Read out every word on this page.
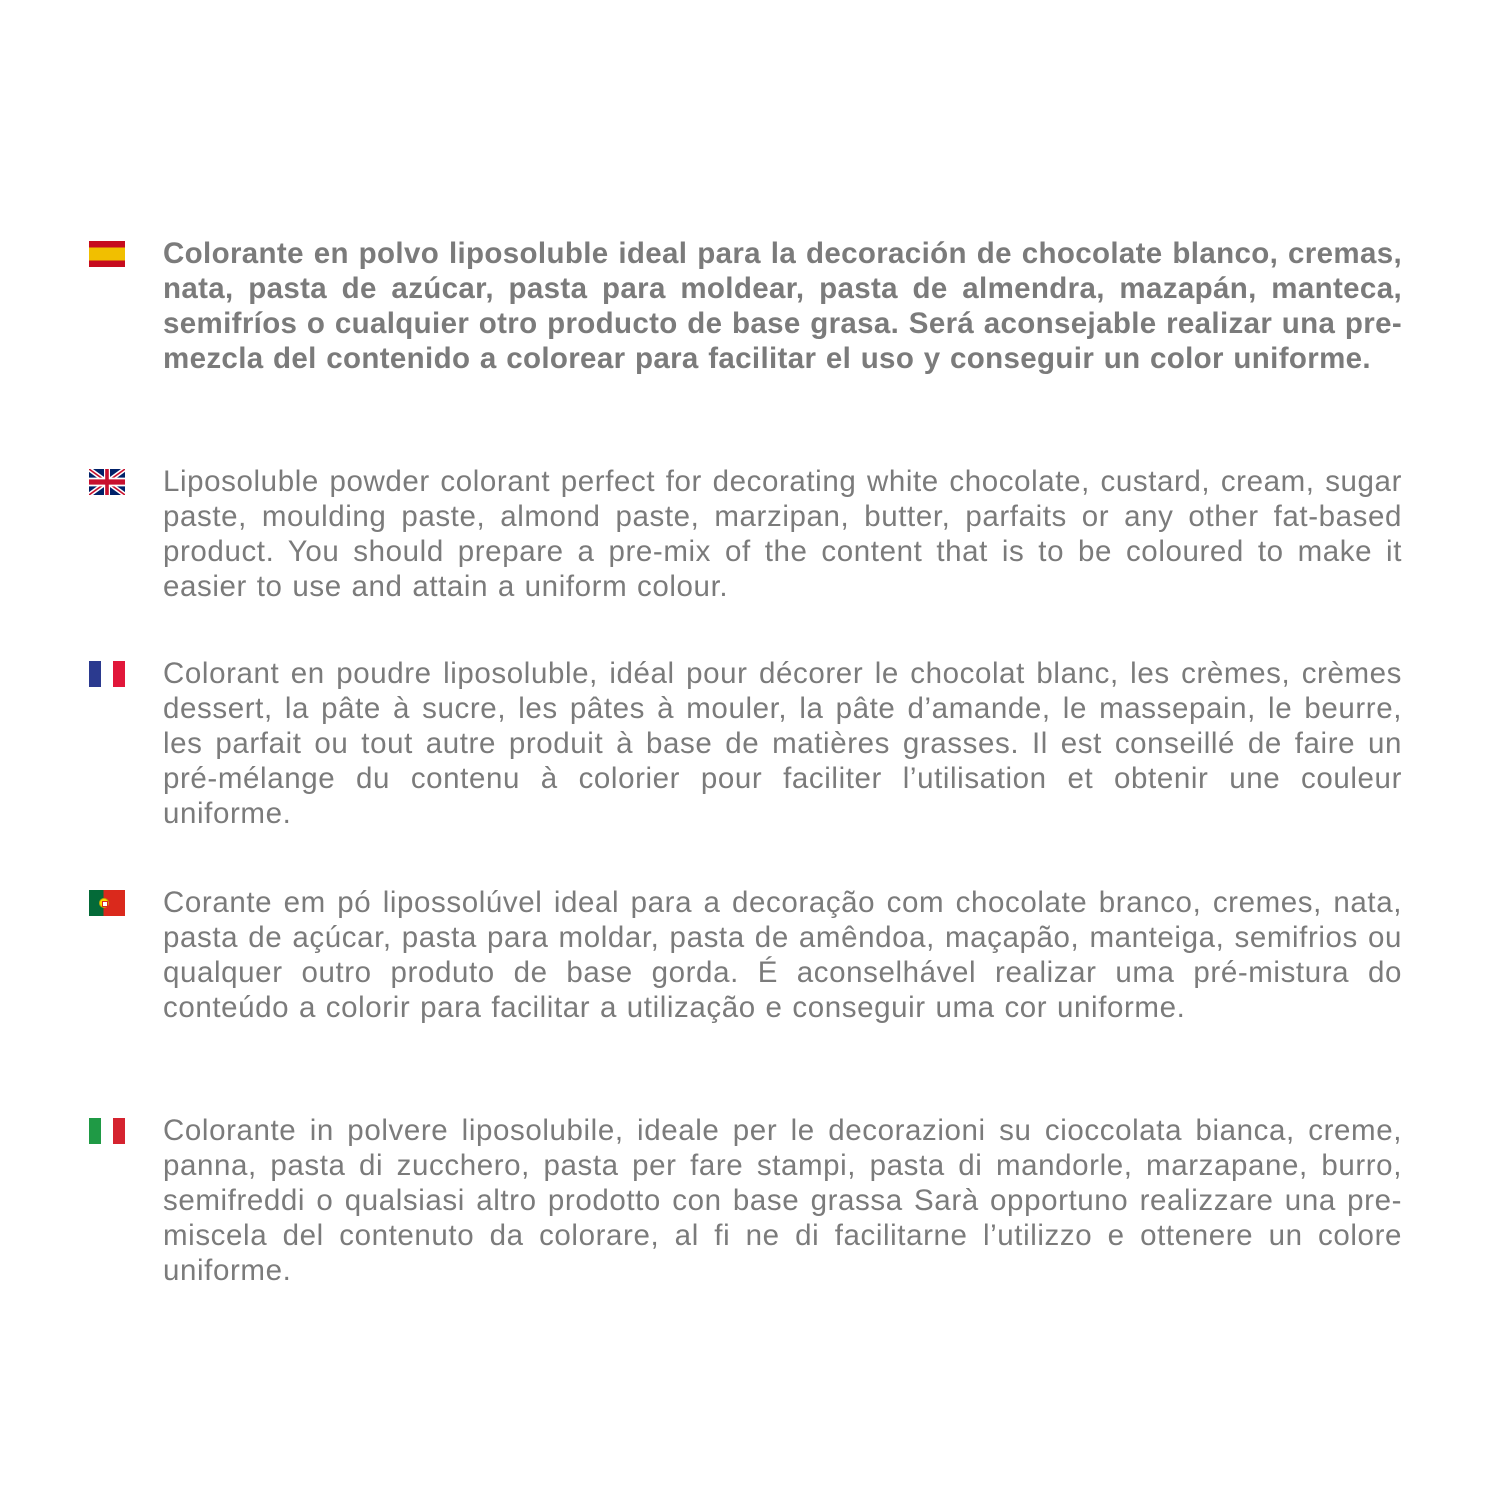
Colorante en polvo liposoluble ideal para la decoración de chocolate blanco, cremas, nata, pasta de azúcar, pasta para moldear, pasta de almendra, mazapán, manteca, semifríos o cualquier otro producto de base grasa. Será aconsejable realizar una pre-mezcla del contenido a colorear para facilitar el uso y conseguir un color uniforme.

Liposoluble powder colorant perfect for decorating white chocolate, custard, cream, sugar paste, moulding paste, almond paste, marzipan, butter, parfaits or any other fat-based product. You should prepare a pre-mix of the content that is to be coloured to make it easier to use and attain a uniform colour.

Colorant en poudre liposoluble, idéal pour décorer le chocolat blanc, les crèmes, crèmes dessert, la pâte à sucre, les pâtes à mouler, la pâte d’amande, le massepain, le beurre, les parfait ou tout autre produit à base de matières grasses. Il est conseillé de faire un pré-mélange du contenu à colorier pour faciliter l’utilisation et obtenir une couleur uniforme.

Corante em pó lipossolúvel ideal para a decoração com chocolate branco, cremes, nata, pasta de açúcar, pasta para moldar, pasta de amêndoa, maçapão, manteiga, semifrios ou qualquer outro produto de base gorda. É aconselhável realizar uma pré-mistura do conteúdo a colorir para facilitar a utilização e conseguir uma cor uniforme.

Colorante in polvere liposolubile, ideale per le decorazioni su cioccolata bianca, creme, panna, pasta di zucchero, pasta per fare stampi, pasta di mandorle, marzapane, burro, semifreddi o qualsiasi altro prodotto con base grassa Sarà opportuno realizzare una pre-miscela del contenuto da colorare, al fi ne di facilitarne l’utilizzo e ottenere un colore uniforme.
